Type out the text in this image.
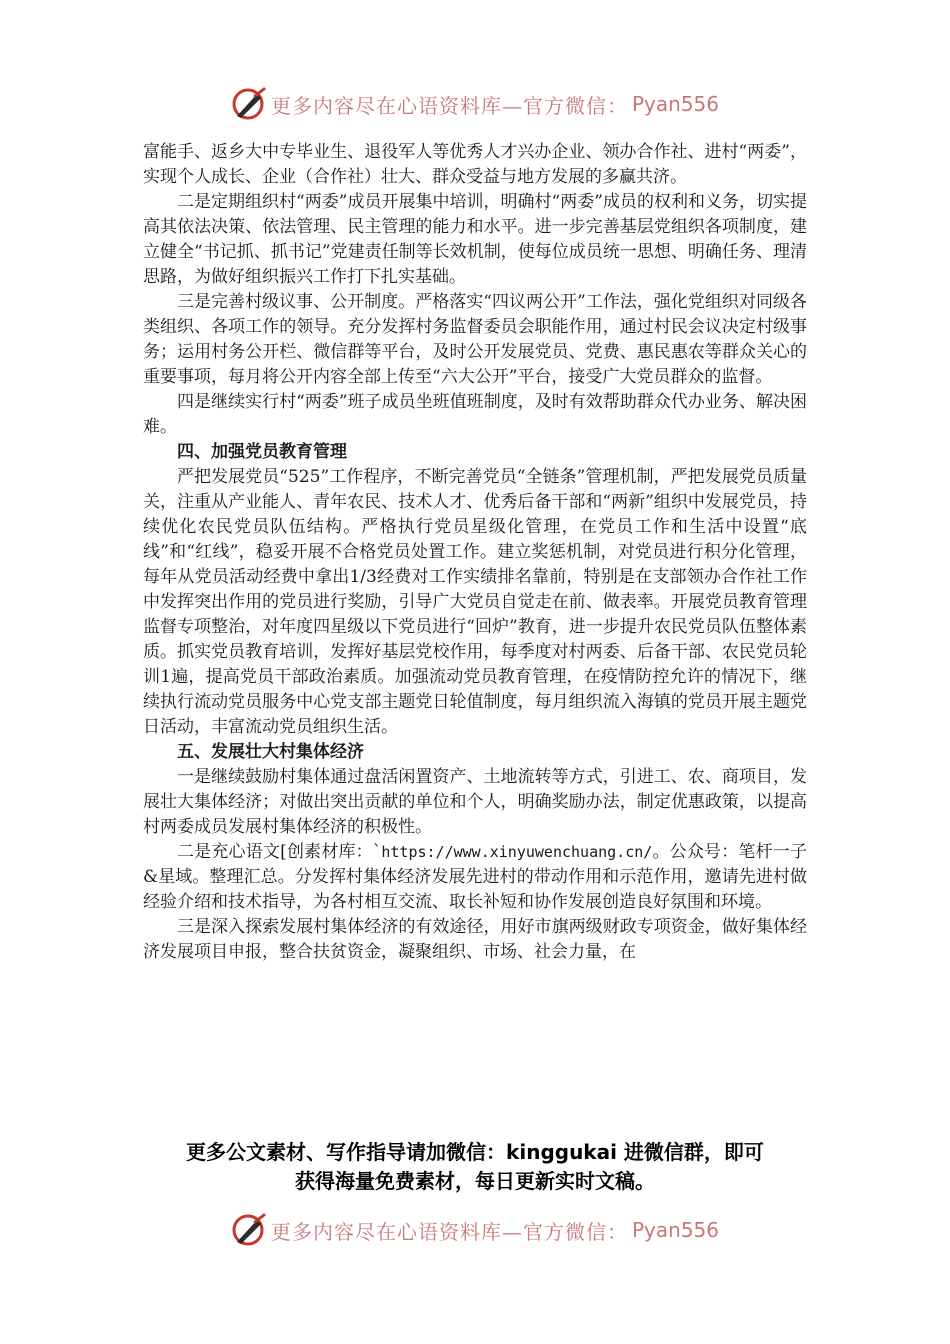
更多内容尽在心语资料库—官方微信： Pyan556

富能手、返乡大中专毕业生、退役军人等优秀人才兴办企业、领办合作社、进村“两委”，实现个人成长、企业（合作社）壮大、群众受益与地方发展的多赢共济。

二是定期组织村“两委”成员开展集中培训，明确村“两委”成员的权利和义务，切实提高其依法决策、依法管理、民主管理的能力和水平。进一步完善基层党组织各项制度，建立健全“书记抓、抓书记”党建责任制等长效机制，使每位成员统一思想、明确任务、理清思路，为做好组织振兴工作打下扎实基础。

三是完善村级议事、公开制度。严格落实“四议两公开”工作法，强化党组织对同级各类组织、各项工作的领导。充分发挥村务监督委员会职能作用，通过村民会议决定村级事务；运用村务公开栏、微信群等平台，及时公开发展党员、党费、惠民惠农等群众关心的重要事项，每月将公开内容全部上传至“六大公开”平台，接受广大党员群众的监督。

四是继续实行村“两委”班子成员坐班值班制度，及时有效帮助群众代办业务、解决困难。

四、加强党员教育管理

严把发展党员“525”工作程序，不断完善党员“全链条”管理机制，严把发展党员质量关，注重从产业能人、青年农民、技术人才、优秀后备干部和“两新”组织中发展党员，持续优化农民党员队伍结构。严格执行党员星级化管理，在党员工作和生活中设置“底线”和“红线”，稳妥开展不合格党员处置工作。建立奖惩机制，对党员进行积分化管理，每年从党员活动经费中拿出1/3经费对工作实绩排名靠前，特别是在支部领办合作社工作中发挥突出作用的党员进行奖励，引导广大党员自觉走在前、做表率。开展党员教育管理监督专项整治，对年度四星级以下党员进行“回炉”教育，进一步提升农民党员队伍整体素质。抓实党员教育培训，发挥好基层党校作用，每季度对村两委、后备干部、农民党员轮训1遍，提高党员干部政治素质。加强流动党员教育管理，在疫情防控允许的情况下，继续执行流动党员服务中心党支部主题党日轮值制度，每月组织流入海镇的党员开展主题党日活动，丰富流动党员组织生活。

五、发展壮大村集体经济

一是继续鼓励村集体通过盘活闲置资产、土地流转等方式，引进工、农、商项目，发展壮大集体经济；对做出突出贡献的单位和个人，明确奖励办法，制定优惠政策，以提高村两委成员发展村集体经济的积极性。

二是充心语文[创素材库：`https://www.xinyuwenchuang.cn/。公众号：笔杆一子&星域。整理汇总。分发挥村集体经济发展先进村的带动作用和示范作用，邀请先进村做经验介绍和技术指导，为各村相互交流、取长补短和协作发展创造良好氛围和环境。

三是深入探索发展村集体经济的有效途径，用好市旗两级财政专项资金，做好集体经济发展项目申报，整合扶贫资金，凝聚组织、市场、社会力量，在

更多公文素材、写作指导请加微信：kinggukai 进微信群，即可
获得海量免费素材，每日更新实时文稿。
更多内容尽在心语资料库—官方微信： Pyan556
